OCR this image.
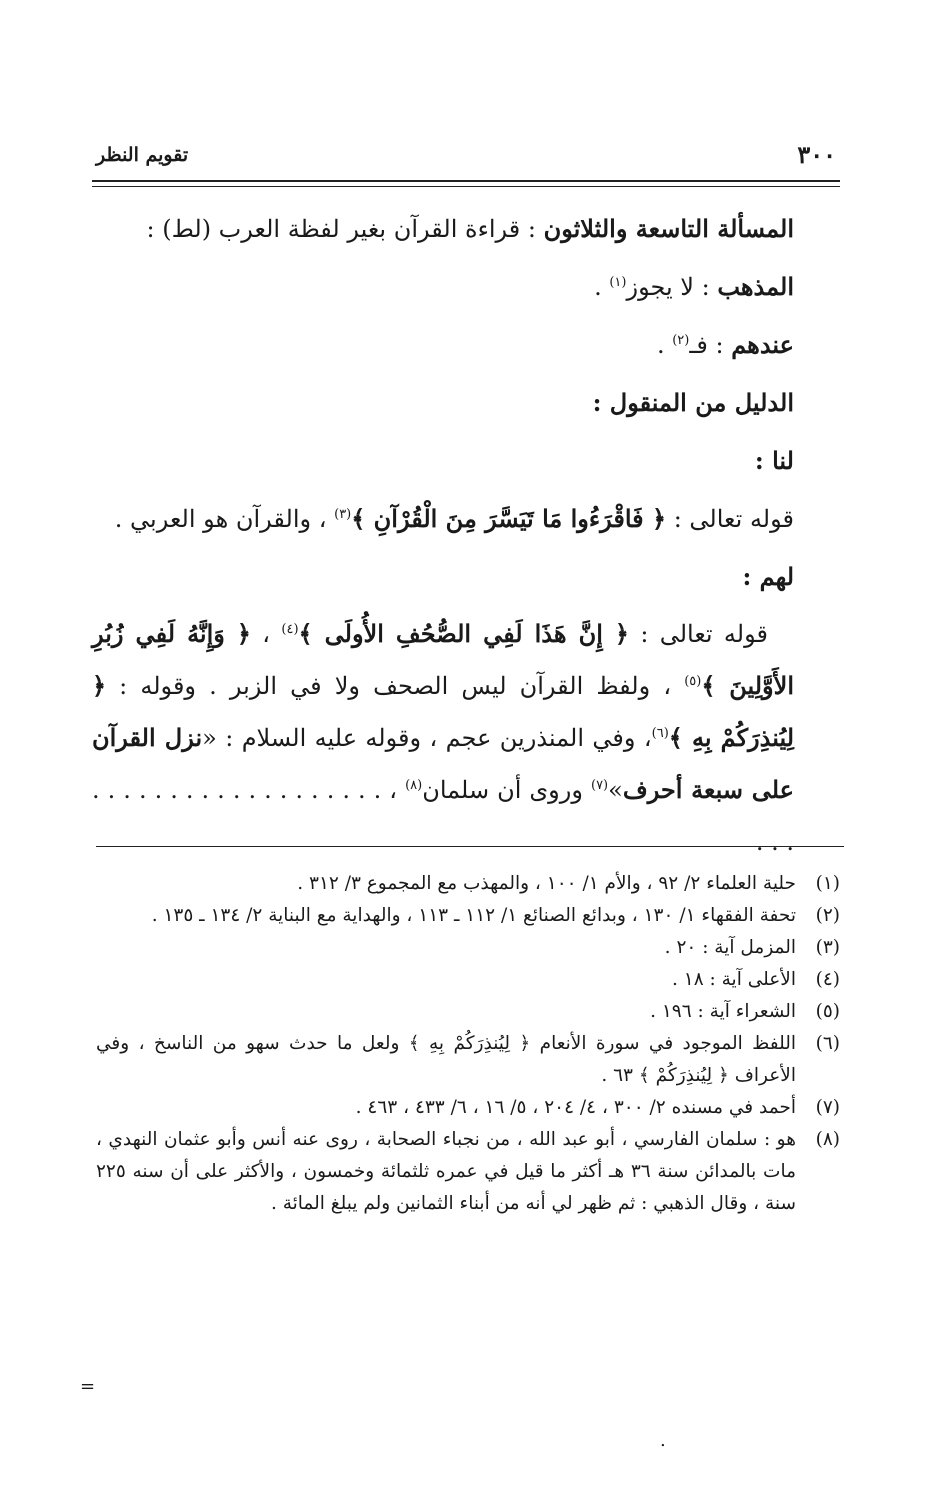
٣٠٠
تقويم النظر
المسألة التاسعة والثلاثون : قراءة القرآن بغير لفظة العرب (لط) :
المذهب : لا يجوز$^{(١)}$ .
عندهم : فـ$^{(٢)}$ .
الدليل من المنقول :
لنا :
قوله تعالى : ﴿ فَاقْرَءُوا مَا تَيَسَّرَ مِنَ الْقُرْآنِ ﴾$^{(٣)}$ ، والقرآن هو العربي .
لهم :
قوله تعالى : ﴿ إِنَّ هَذَا لَفِي الصُّحُفِ الأُولَى ﴾$^{(٤)}$ ، ﴿ وَإِنَّهُ لَفِي زُبُرِ الأَوَّلِينَ ﴾$^{(٥)}$ ، ولفظ القرآن ليس الصحف ولا في الزبر . وقوله : ﴿ لِيُنذِرَكُمْ بِهِ ﴾$^{(٦)}$، وفي المنذرين عجم ، وقوله عليه السلام : «نزل القرآن على سبعة أحرف»$^{(٧)}$ وروى أن سلمان$^{(٨)}$ ، . . . . . . . . . . . . . . . . . . . . . .
(١)
حلية العلماء ٢/ ٩٢ ، والأم ١/ ١٠٠ ، والمهذب مع المجموع ٣/ ٣١٢ .
(٢)
تحفة الفقهاء ١/ ١٣٠ ، وبدائع الصنائع ١/ ١١٢ ـ ١١٣ ، والهداية مع البناية ٢/ ١٣٤ ـ ١٣٥ .
(٣)
المزمل آية : ٢٠ .
(٤)
الأعلى آية : ١٨ .
(٥)
الشعراء آية : ١٩٦ .
(٦)
اللفظ الموجود في سورة الأنعام ﴿ لِيُنذِرَكُمْ بِهِ ﴾ ولعل ما حدث سهو من الناسخ ، وفي الأعراف ﴿ لِيُنذِرَكُمْ ﴾ ٦٣ .
(٧)
أحمد في مسنده ٢/ ٣٠٠ ، ٤/ ٢٠٤ ، ٥/ ١٦ ، ٦/ ٤٣٣ ، ٤٦٣ .
(٨)
هو : سلمان الفارسي ، أبو عبد الله ، من نجباء الصحابة ، روى عنه أنس وأبو عثمان النهدي ، مات بالمدائن سنة ٣٦ هـ أكثر ما قيل في عمره ثلثمائة وخمسون ، والأكثر على أن سنه ٢٢٥ سنة ، وقال الذهبي : ثم ظهر لي أنه من أبناء الثمانين ولم يبلغ المائة .
=
.
